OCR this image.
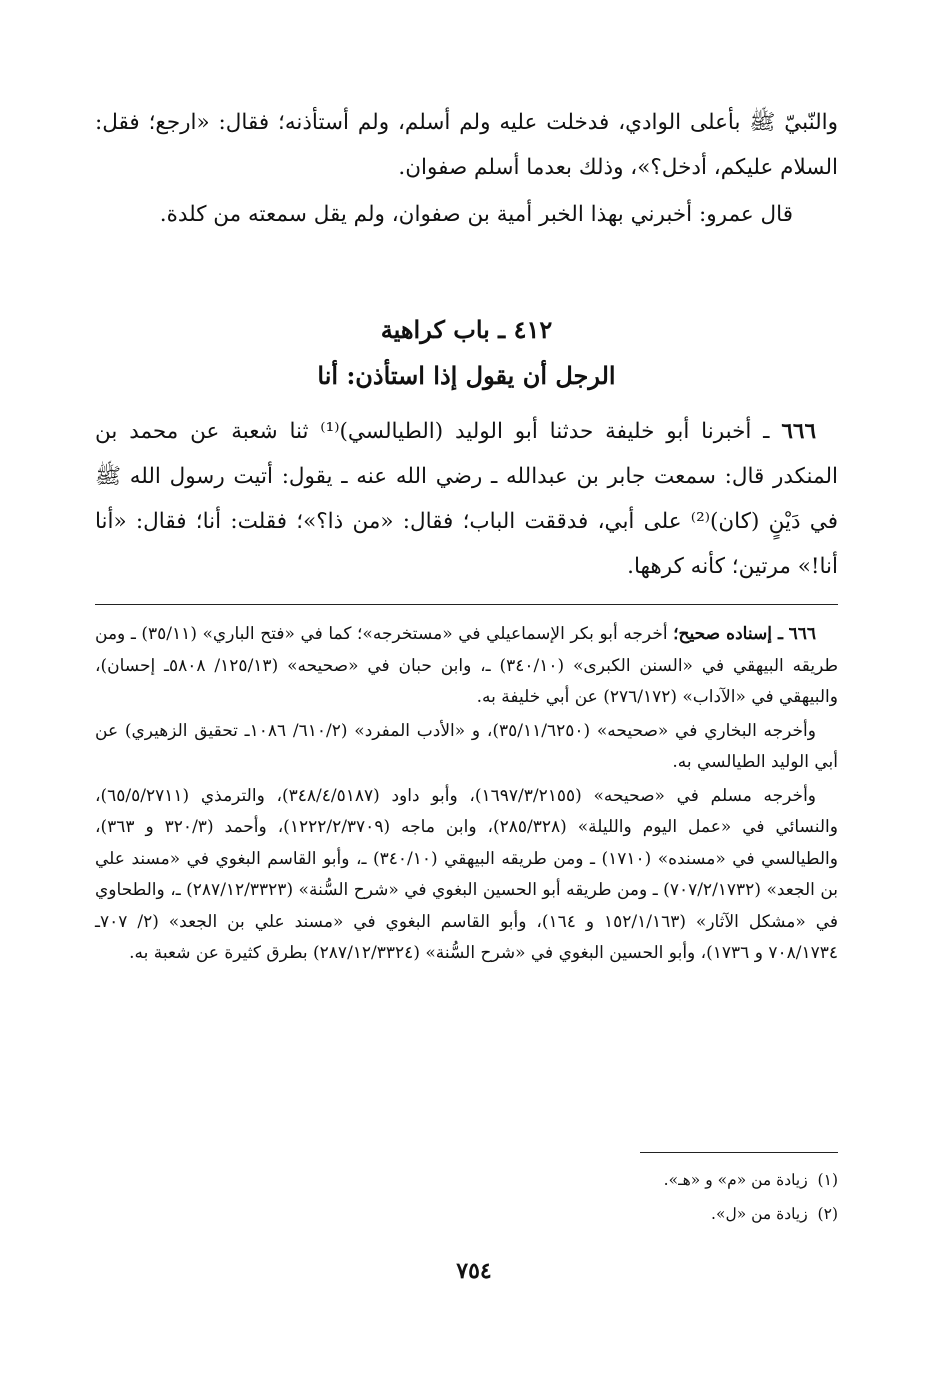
والنّبيّ ﷺ بأعلى الوادي، فدخلت عليه ولم أسلم، ولم أستأذنه؛ فقال: «ارجع؛ فقل: السلام عليكم، أدخل؟»، وذلك بعدما أسلم صفوان.

قال عمرو: أخبرني بهذا الخبر أمية بن صفوان، ولم يقل سمعته من كلدة.

٤١٢ ـ باب كراهية
الرجل أن يقول إذا استأذن: أنا

٦٦٦ ـ أخبرنا أبو خليفة حدثنا أبو الوليد (الطيالسي)⁽¹⁾ ثنا شعبة عن محمد بن المنكدر قال: سمعت جابر بن عبدالله ـ رضي الله عنه ـ يقول: أتيت رسول الله ﷺ في دَيْنٍ (كان)⁽²⁾ على أبي، فدققت الباب؛ فقال: «من ذا؟»؛ فقلت: أنا؛ فقال: «أنا أنا!» مرتين؛ كأنه كرهها.

٦٦٦ ـ إسناده صحيح؛ أخرجه أبو بكر الإسماعيلي في «مستخرجه»؛ كما في «فتح الباري» (٣٥/١١) ـ ومن طريقه البيهقي في «السنن الكبرى» (٣٤٠/١٠) ـ، وابن حبان في «صحيحه» (١٢٥/١٣/ ٥٨٠٨ـ إحسان)، والبيهقي في «الآداب» (٢٧٦/١٧٢) عن أبي خليفة به.

وأخرجه البخاري في «صحيحه» (٣٥/١١/٦٢٥٠)، و «الأدب المفرد» (٦١٠/٢/ ١٠٨٦ـ تحقيق الزهيري) عن أبي الوليد الطيالسي به.

وأخرجه مسلم في «صحيحه» (١٦٩٧/٣/٢١٥٥)، وأبو داود (٣٤٨/٤/٥١٨٧)، والترمذي (٦٥/٥/٢٧١١)، والنسائي في «عمل اليوم والليلة» (٢٨٥/٣٢٨)، وابن ماجه (١٢٢٢/٢/٣٧٠٩)، وأحمد (٣٢٠/٣ و ٣٦٣)، والطيالسي في «مسنده» (١٧١٠) ـ ومن طريقه البيهقي (٣٤٠/١٠) ـ، وأبو القاسم البغوي في «مسند علي بن الجعد» (٧٠٧/٢/١٧٣٢) ـ ومن طريقه أبو الحسين البغوي في «شرح السُّنة» (٢٨٧/١٢/٣٣٢٣) ـ، والطحاوي في «مشكل الآثار» (١٥٢/١/١٦٣ و ١٦٤)، وأبو القاسم البغوي في «مسند علي بن الجعد» (٢/ ٧٠٧ـ ٧٠٨/١٧٣٤ و ١٧٣٦)، وأبو الحسين البغوي في «شرح السُّنة» (٢٨٧/١٢/٣٣٢٤) بطرق كثيرة عن شعبة به.

(١)  زيادة من «م» و «هـ».

(٢)  زيادة من «ل».

٧٥٤
